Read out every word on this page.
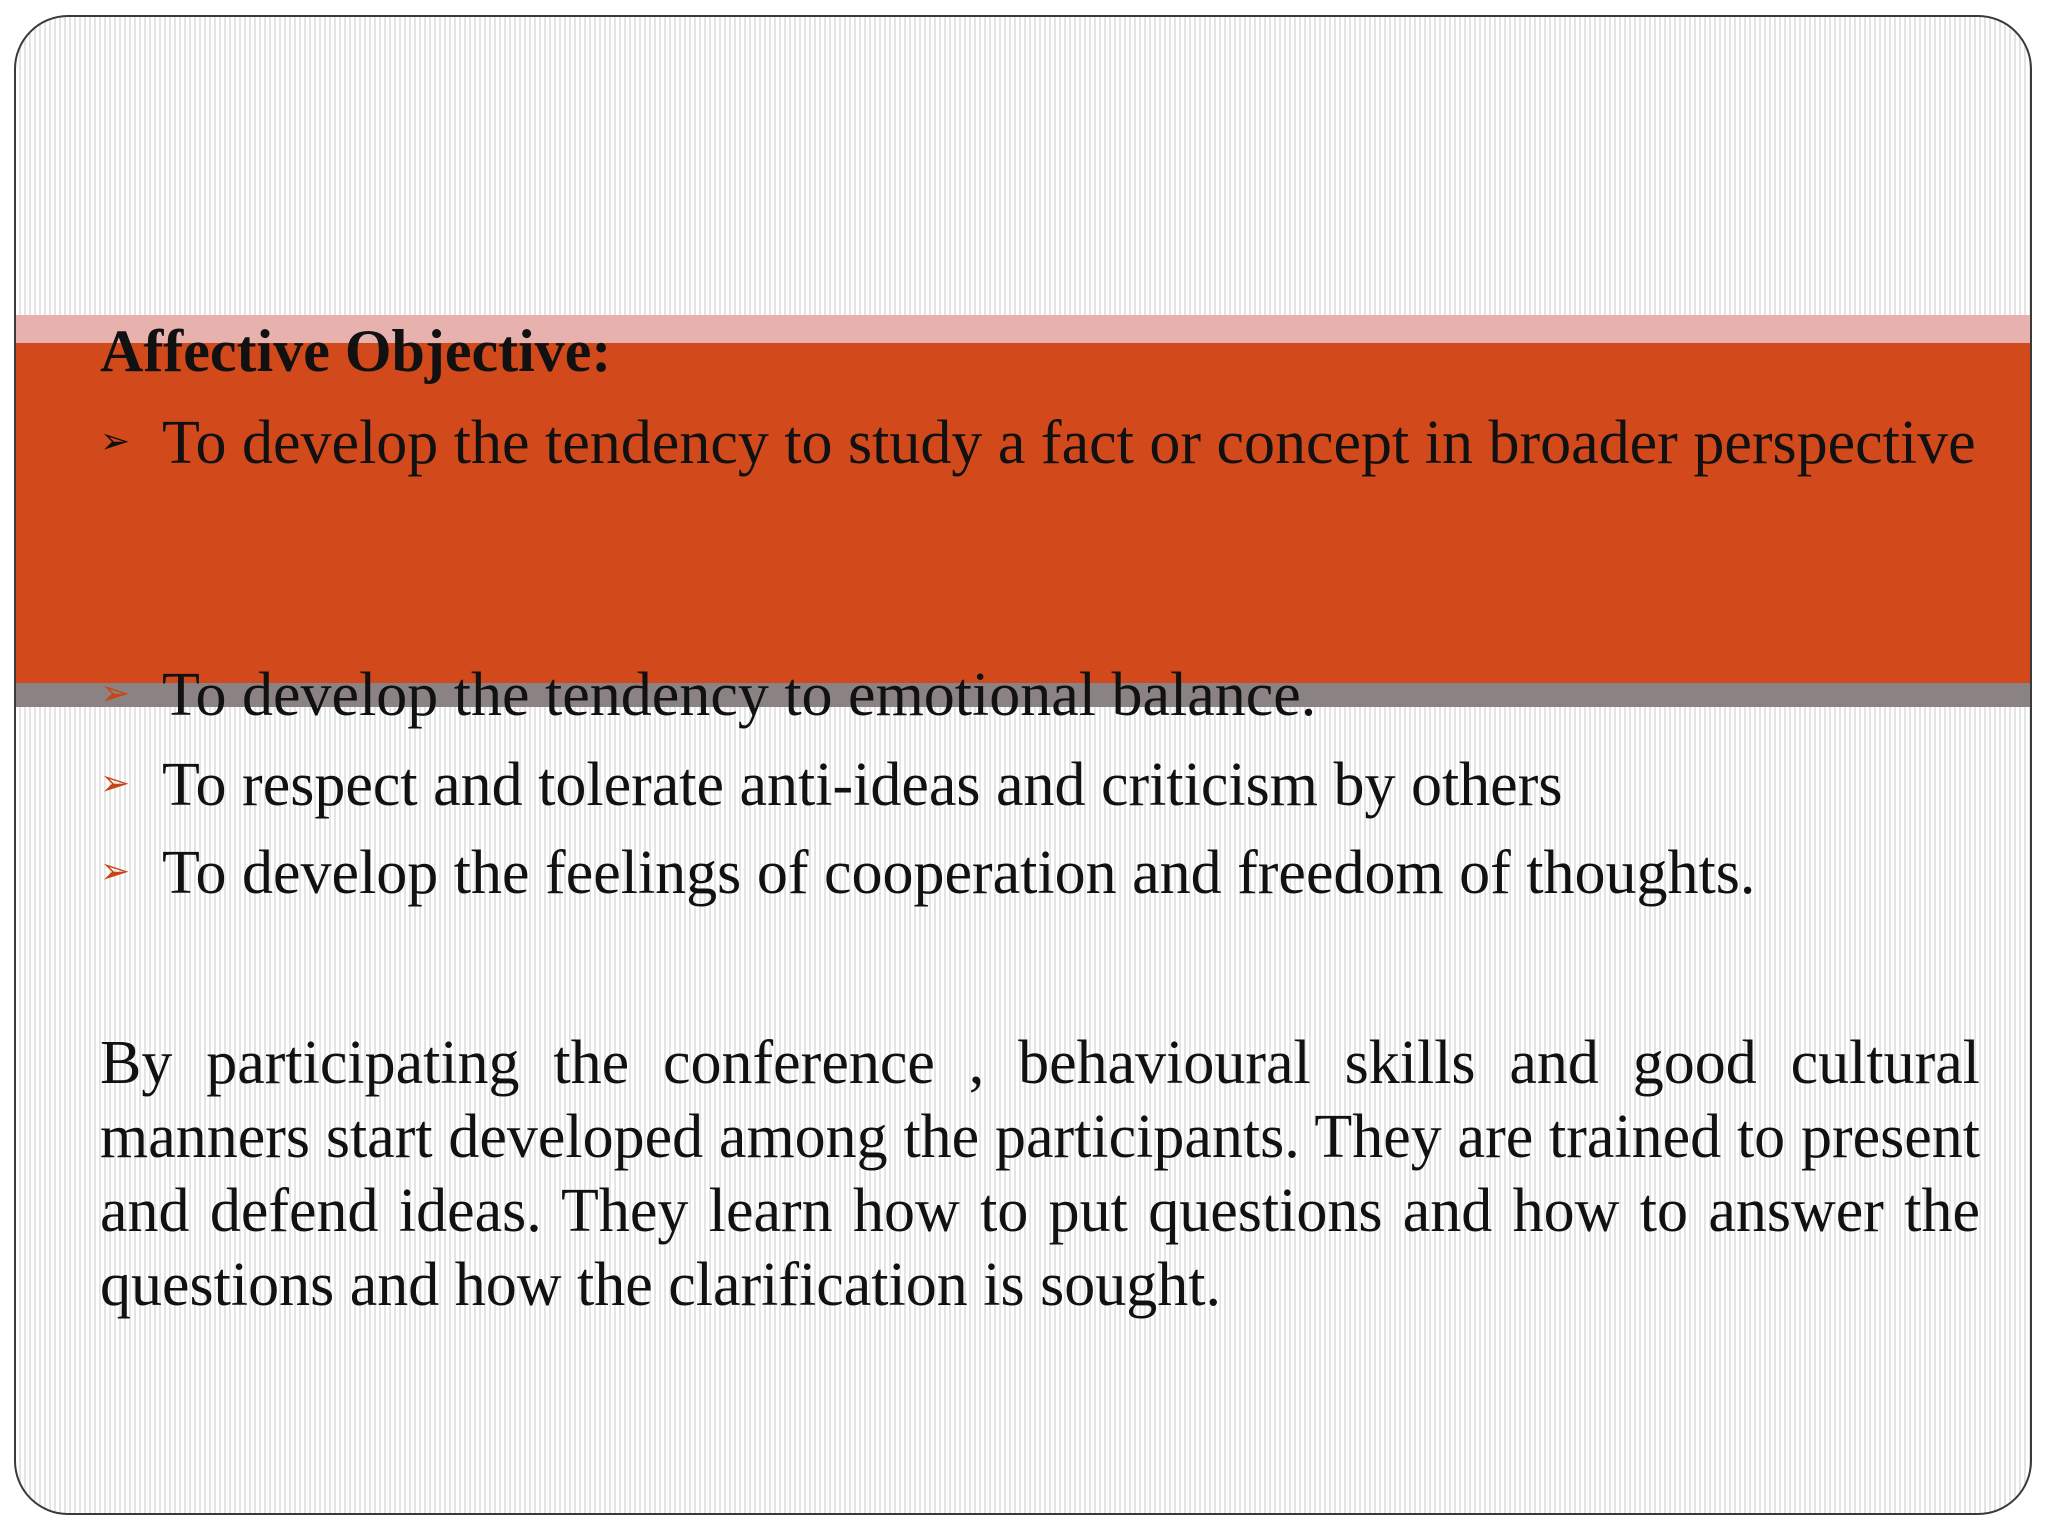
Affective Objective:
➢ To develop the tendency to study a fact or concept in broader perspective
➢ To develop the tendency to emotional balance.
➢ To respect and tolerate anti-ideas and criticism by others
➢ To develop the feelings of cooperation and freedom of thoughts.

By participating the conference , behavioural skills and good cultural manners start developed among the participants. They are trained to present and defend ideas. They learn how to put questions and how to answer the questions and how the clarification is sought.
